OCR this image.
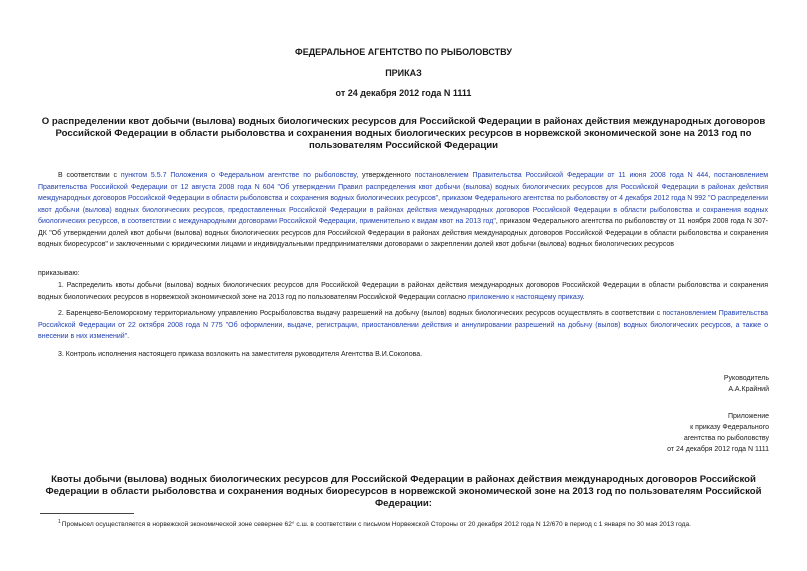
ФЕДЕРАЛЬНОЕ АГЕНТСТВО ПО РЫБОЛОВСТВУ
ПРИКАЗ
от 24 декабря 2012 года N 1111
О распределении квот добычи (вылова) водных биологических ресурсов для Российской Федерации в районах действия международных договоров Российской Федерации в области рыболовства и сохранения водных биологических ресурсов в норвежской экономической зоне на 2013 год по пользователям Российской Федерации
В соответствии с пунктом 5.5.7 Положения о Федеральном агентстве по рыболовству, утвержденного постановлением Правительства Российской Федерации от 11 июня 2008 года N 444, постановлением Правительства Российской Федерации от 12 августа 2008 года N 604 "Об утверждении Правил распределения квот добычи (вылова) водных биологических ресурсов для Российской Федерации в районах действия международных договоров Российской Федерации в области рыболовства и сохранения водных биологических ресурсов", приказом Федерального агентства по рыболовству от 4 декабря 2012 года N 992 "О распределении квот добычи (вылова) водных биологических ресурсов, предоставленных Российской Федерации в районах действия международных договоров Российской Федерации в области рыболовства и сохранения водных биологических ресурсов, в соответствии с международными договорами Российской Федерации, применительно к видам квот на 2013 год", приказом Федерального агентства по рыболовству от 11 ноября 2008 года N 307-ДК "Об утверждении долей квот добычи (вылова) водных биологических ресурсов для Российской Федерации в районах действия международных договоров Российской Федерации в области рыболовства и сохранения водных биоресурсов" и заключенными с юридическими лицами и индивидуальными предпринимателями договорами о закреплении долей квот добычи (вылова) водных биологических ресурсов
приказываю:
1. Распределить квоты добычи (вылова) водных биологических ресурсов для Российской Федерации в районах действия международных договоров Российской Федерации в области рыболовства и сохранения водных биологических ресурсов в норвежской экономической зоне на 2013 год по пользователям Российской Федерации согласно приложению к настоящему приказу.
2. Баренцево-Беломорскому территориальному управлению Росрыболовства выдачу разрешений на добычу (вылов) водных биологических ресурсов осуществлять в соответствии с постановлением Правительства Российской Федерации от 22 октября 2008 года N 775 "Об оформлении, выдаче, регистрации, приостановлении действия и аннулировании разрешений на добычу (вылов) водных биологических ресурсов, а также о внесении в них изменений".
3. Контроль исполнения настоящего приказа возложить на заместителя руководителя Агентства В.И.Соколова.
Руководитель
А.А.Крайний
Приложение
к приказу Федерального
агентства по рыболовству
от 24 декабря 2012 года N 1111
Квоты добычи (вылова) водных биологических ресурсов для Российской Федерации в районах действия международных договоров Российской Федерации в области рыболовства и сохранения водных биоресурсов в норвежской экономической зоне на 2013 год по пользователям Российской Федерации:
$^1$Промысел осуществляется в норвежской экономической зоне севернее 62° с.ш. в соответствии с письмом Норвежской Стороны от 20 декабря 2012 года N 12/670 в период с 1 января по 30 мая 2013 года.
